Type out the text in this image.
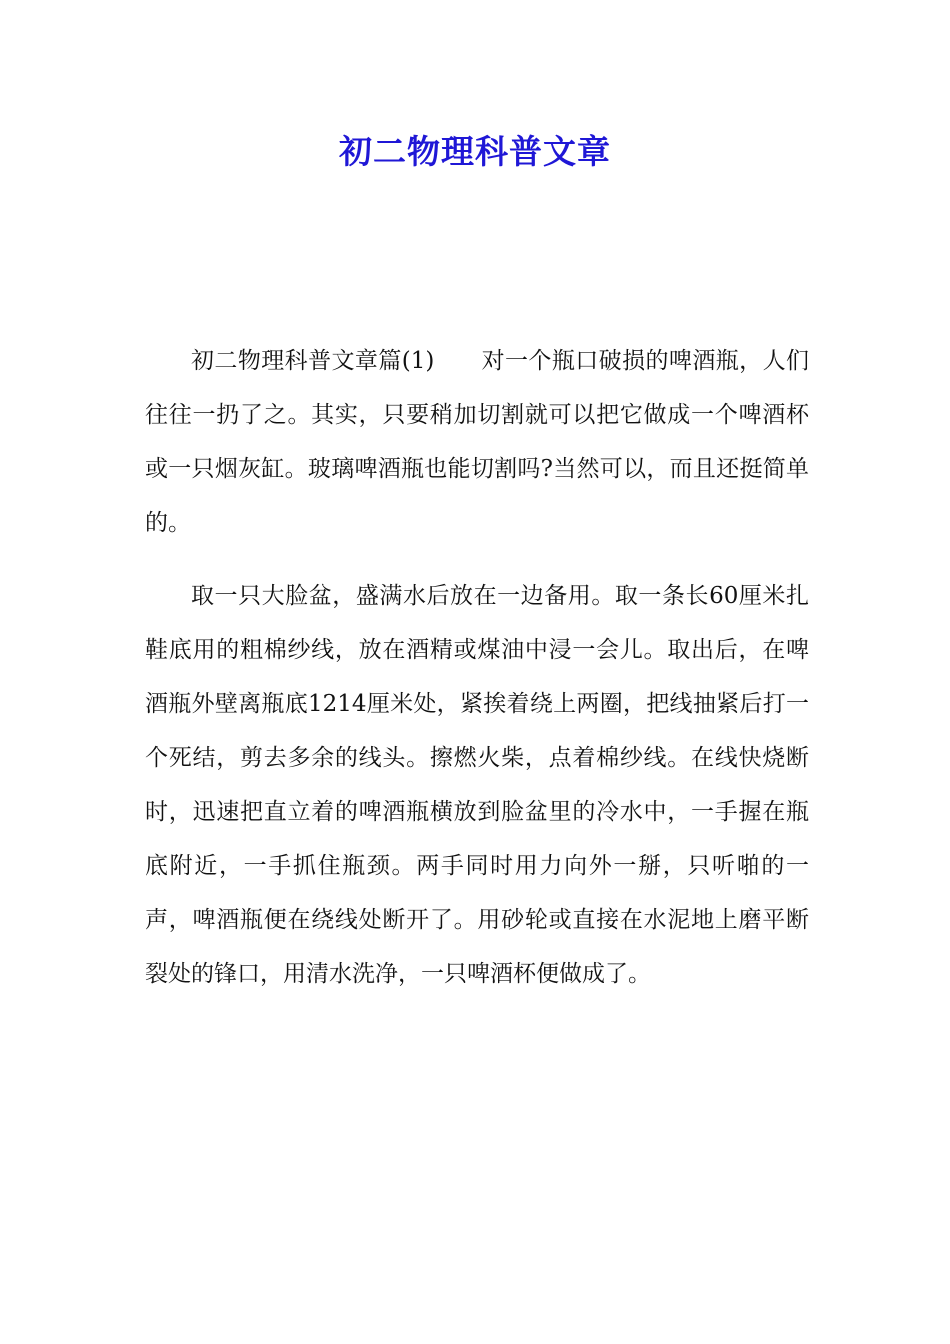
初二物理科普文章

初二物理科普文章篇(1)　　对一个瓶口破损的啤酒瓶，人们往往一扔了之。其实，只要稍加切割就可以把它做成一个啤酒杯或一只烟灰缸。玻璃啤酒瓶也能切割吗?当然可以，而且还挺简单的。

取一只大脸盆，盛满水后放在一边备用。取一条长60厘米扎鞋底用的粗棉纱线，放在酒精或煤油中浸一会儿。取出后，在啤酒瓶外壁离瓶底1214厘米处，紧挨着绕上两圈，把线抽紧后打一个死结，剪去多余的线头。擦燃火柴，点着棉纱线。在线快烧断时，迅速把直立着的啤酒瓶横放到脸盆里的冷水中，一手握在瓶底附近，一手抓住瓶颈。两手同时用力向外一掰，只听啪的一声，啤酒瓶便在绕线处断开了。用砂轮或直接在水泥地上磨平断裂处的锋口，用清水洗净，一只啤酒杯便做成了。
